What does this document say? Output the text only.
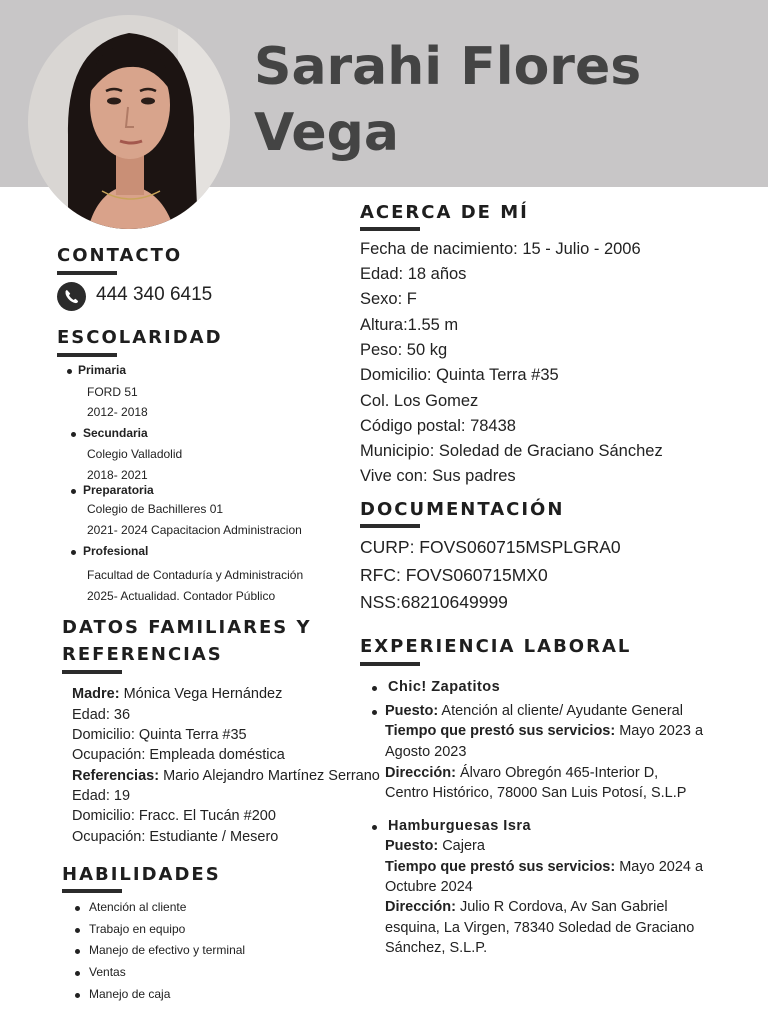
Sarahi Flores
Vega
CONTACTO
444 340 6415
ESCOLARIDAD
Primaria
FORD 51
2012- 2018
Secundaria
Colegio Valladolid
2018- 2021
Preparatoria
Colegio de Bachilleres 01
2021- 2024 Capacitacion Administracion
Profesional
Facultad de Contaduría y Administración
2025- Actualidad. Contador Público
DATOS FAMILIARES Y
REFERENCIAS
Madre: Mónica Vega Hernández
Edad: 36
Domicilio: Quinta Terra #35
Ocupación: Empleada doméstica
Referencias: Mario Alejandro Martínez Serrano
Edad: 19
Domicilio: Fracc. El Tucán #200
Ocupación: Estudiante / Mesero
HABILIDADES
Atención al cliente
Trabajo en equipo
Manejo de efectivo y terminal
Ventas
Manejo de caja
ACERCA DE MÍ
Fecha de nacimiento: 15 - Julio - 2006
Edad: 18 años
Sexo: F
Altura:1.55 m
Peso: 50 kg
Domicilio: Quinta Terra #35
Col. Los Gomez
Código postal: 78438
Municipio: Soledad de Graciano Sánchez
Vive con: Sus padres
DOCUMENTACIÓN
CURP: FOVS060715MSPLGRA0
RFC: FOVS060715MX0
NSS:68210649999
EXPERIENCIA LABORAL
Chic! Zapatitos
Puesto: Atención al cliente/ Ayudante General
Tiempo que prestó sus servicios: Mayo 2023 a
Agosto 2023
Dirección: Álvaro Obregón 465-Interior D,
Centro Histórico, 78000 San Luis Potosí, S.L.P
Hamburguesas Isra
Puesto: Cajera
Tiempo que prestó sus servicios: Mayo 2024 a
Octubre 2024
Dirección: Julio R Cordova, Av San Gabriel
esquina, La Virgen, 78340 Soledad de Graciano
Sánchez, S.L.P.
